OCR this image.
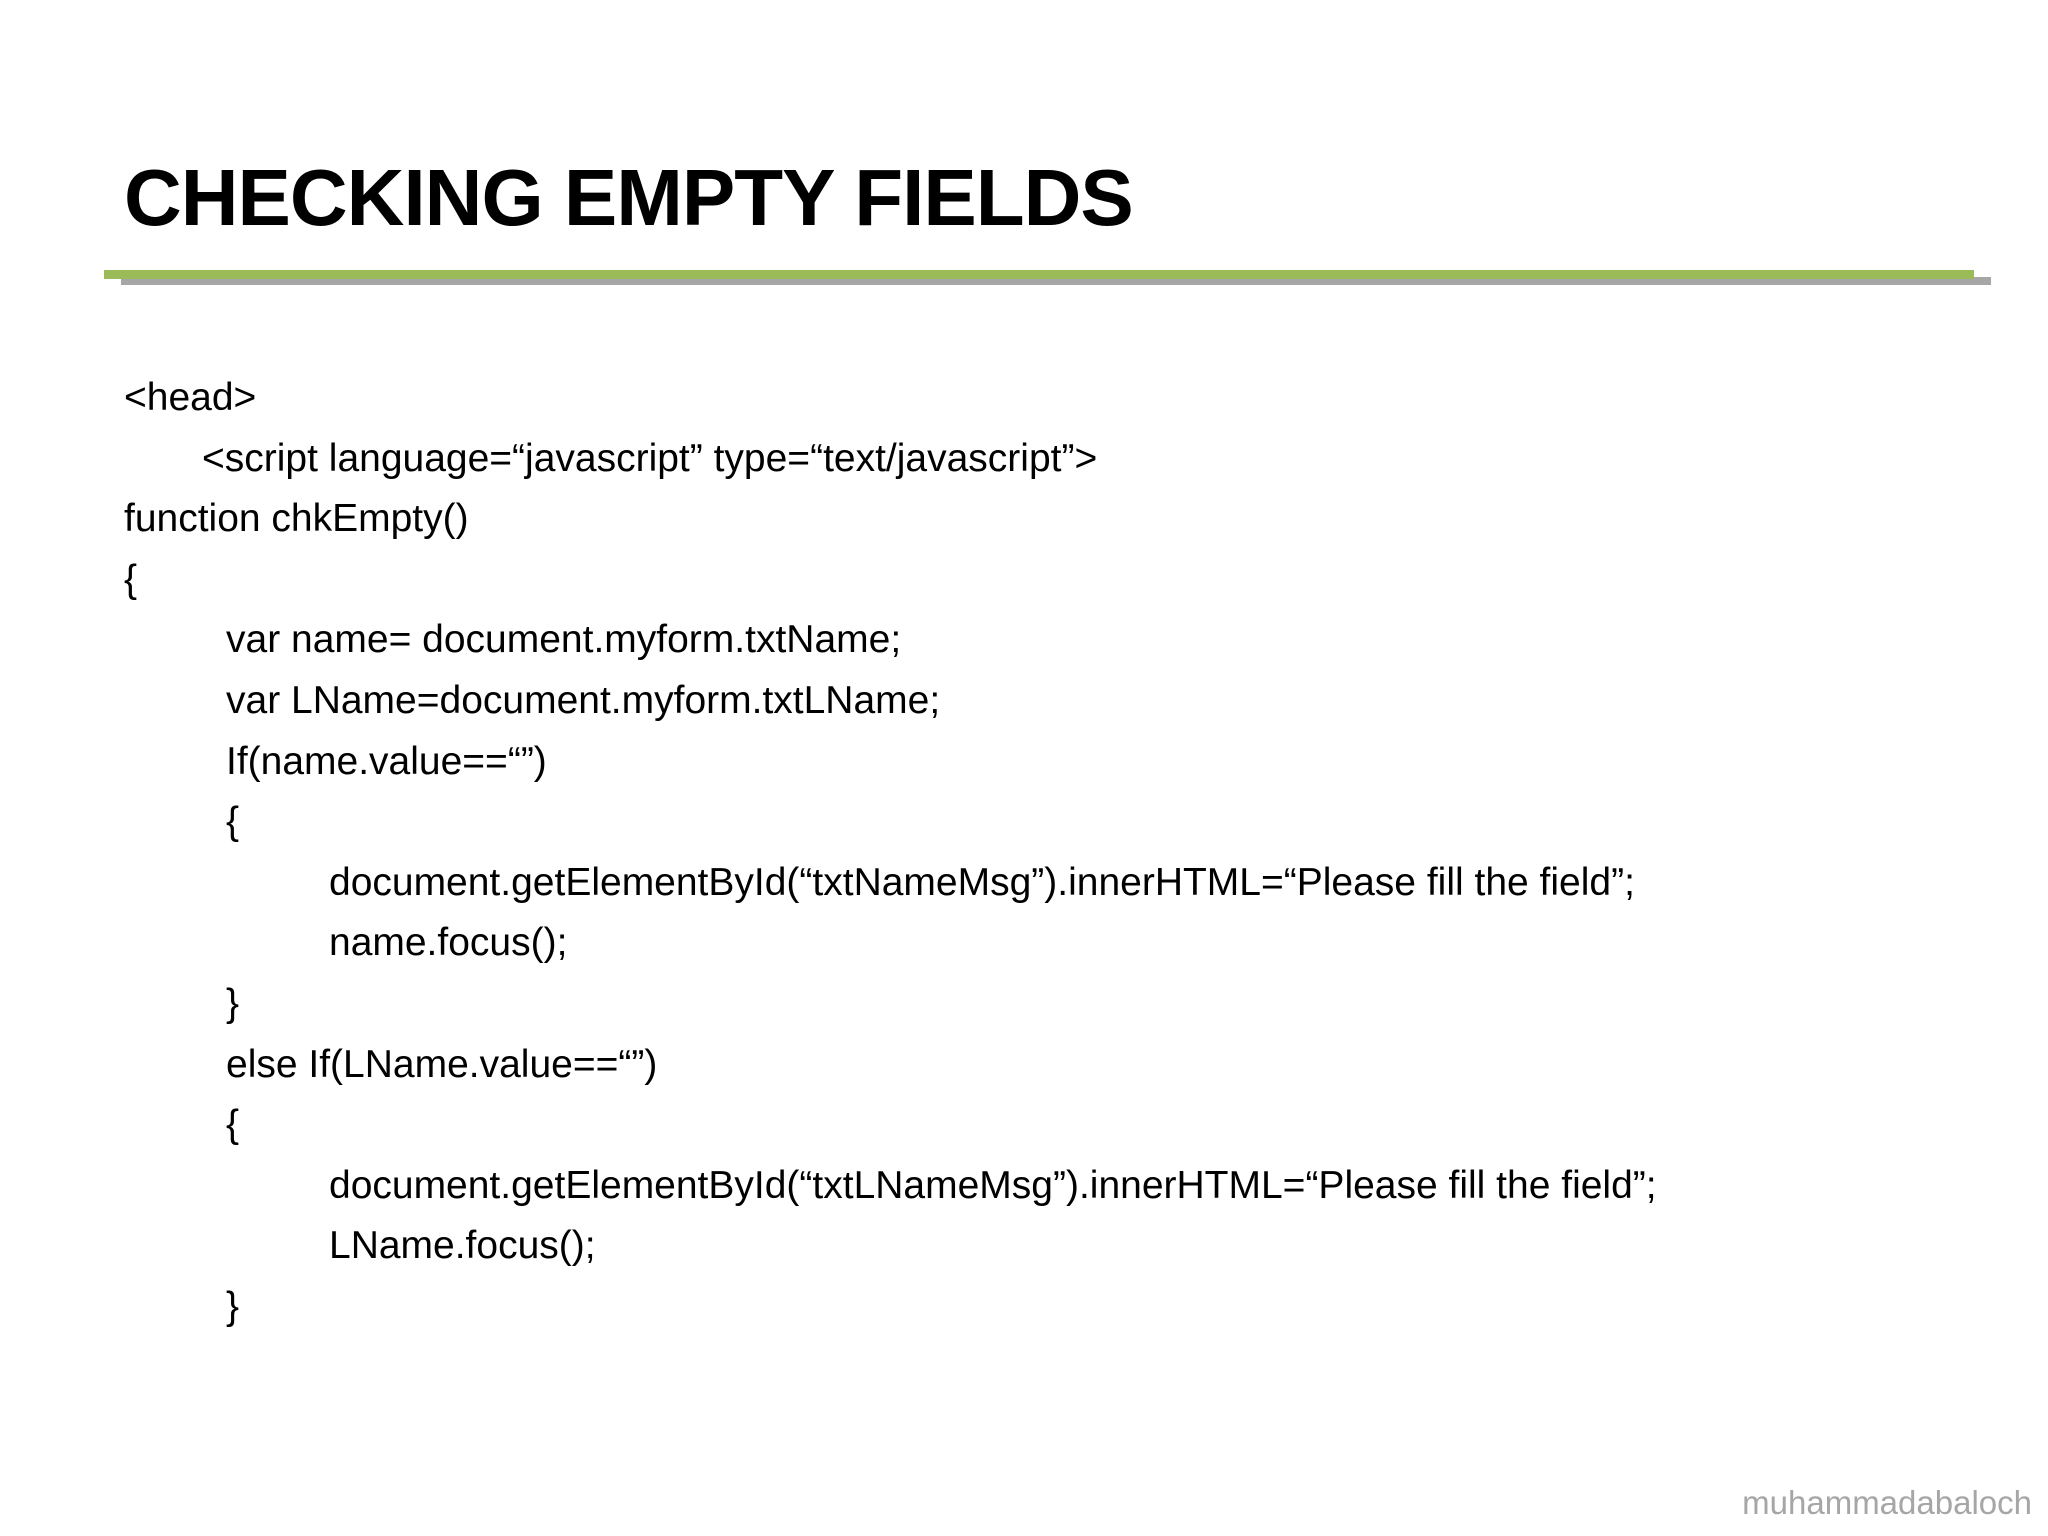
CHECKING EMPTY FIELDS
<head>
<script language=“javascript” type=“text/javascript”>
function chkEmpty()
{
var name= document.myform.txtName;
var LName=document.myform.txtLName;
If(name.value==“”)
{
document.getElementById(“txtNameMsg”).innerHTML=“Please fill the field”;
name.focus();
}
else If(LName.value==“”)
{
document.getElementById(“txtLNameMsg”).innerHTML=“Please fill the field”;
LName.focus();
}
muhammadabaloch
